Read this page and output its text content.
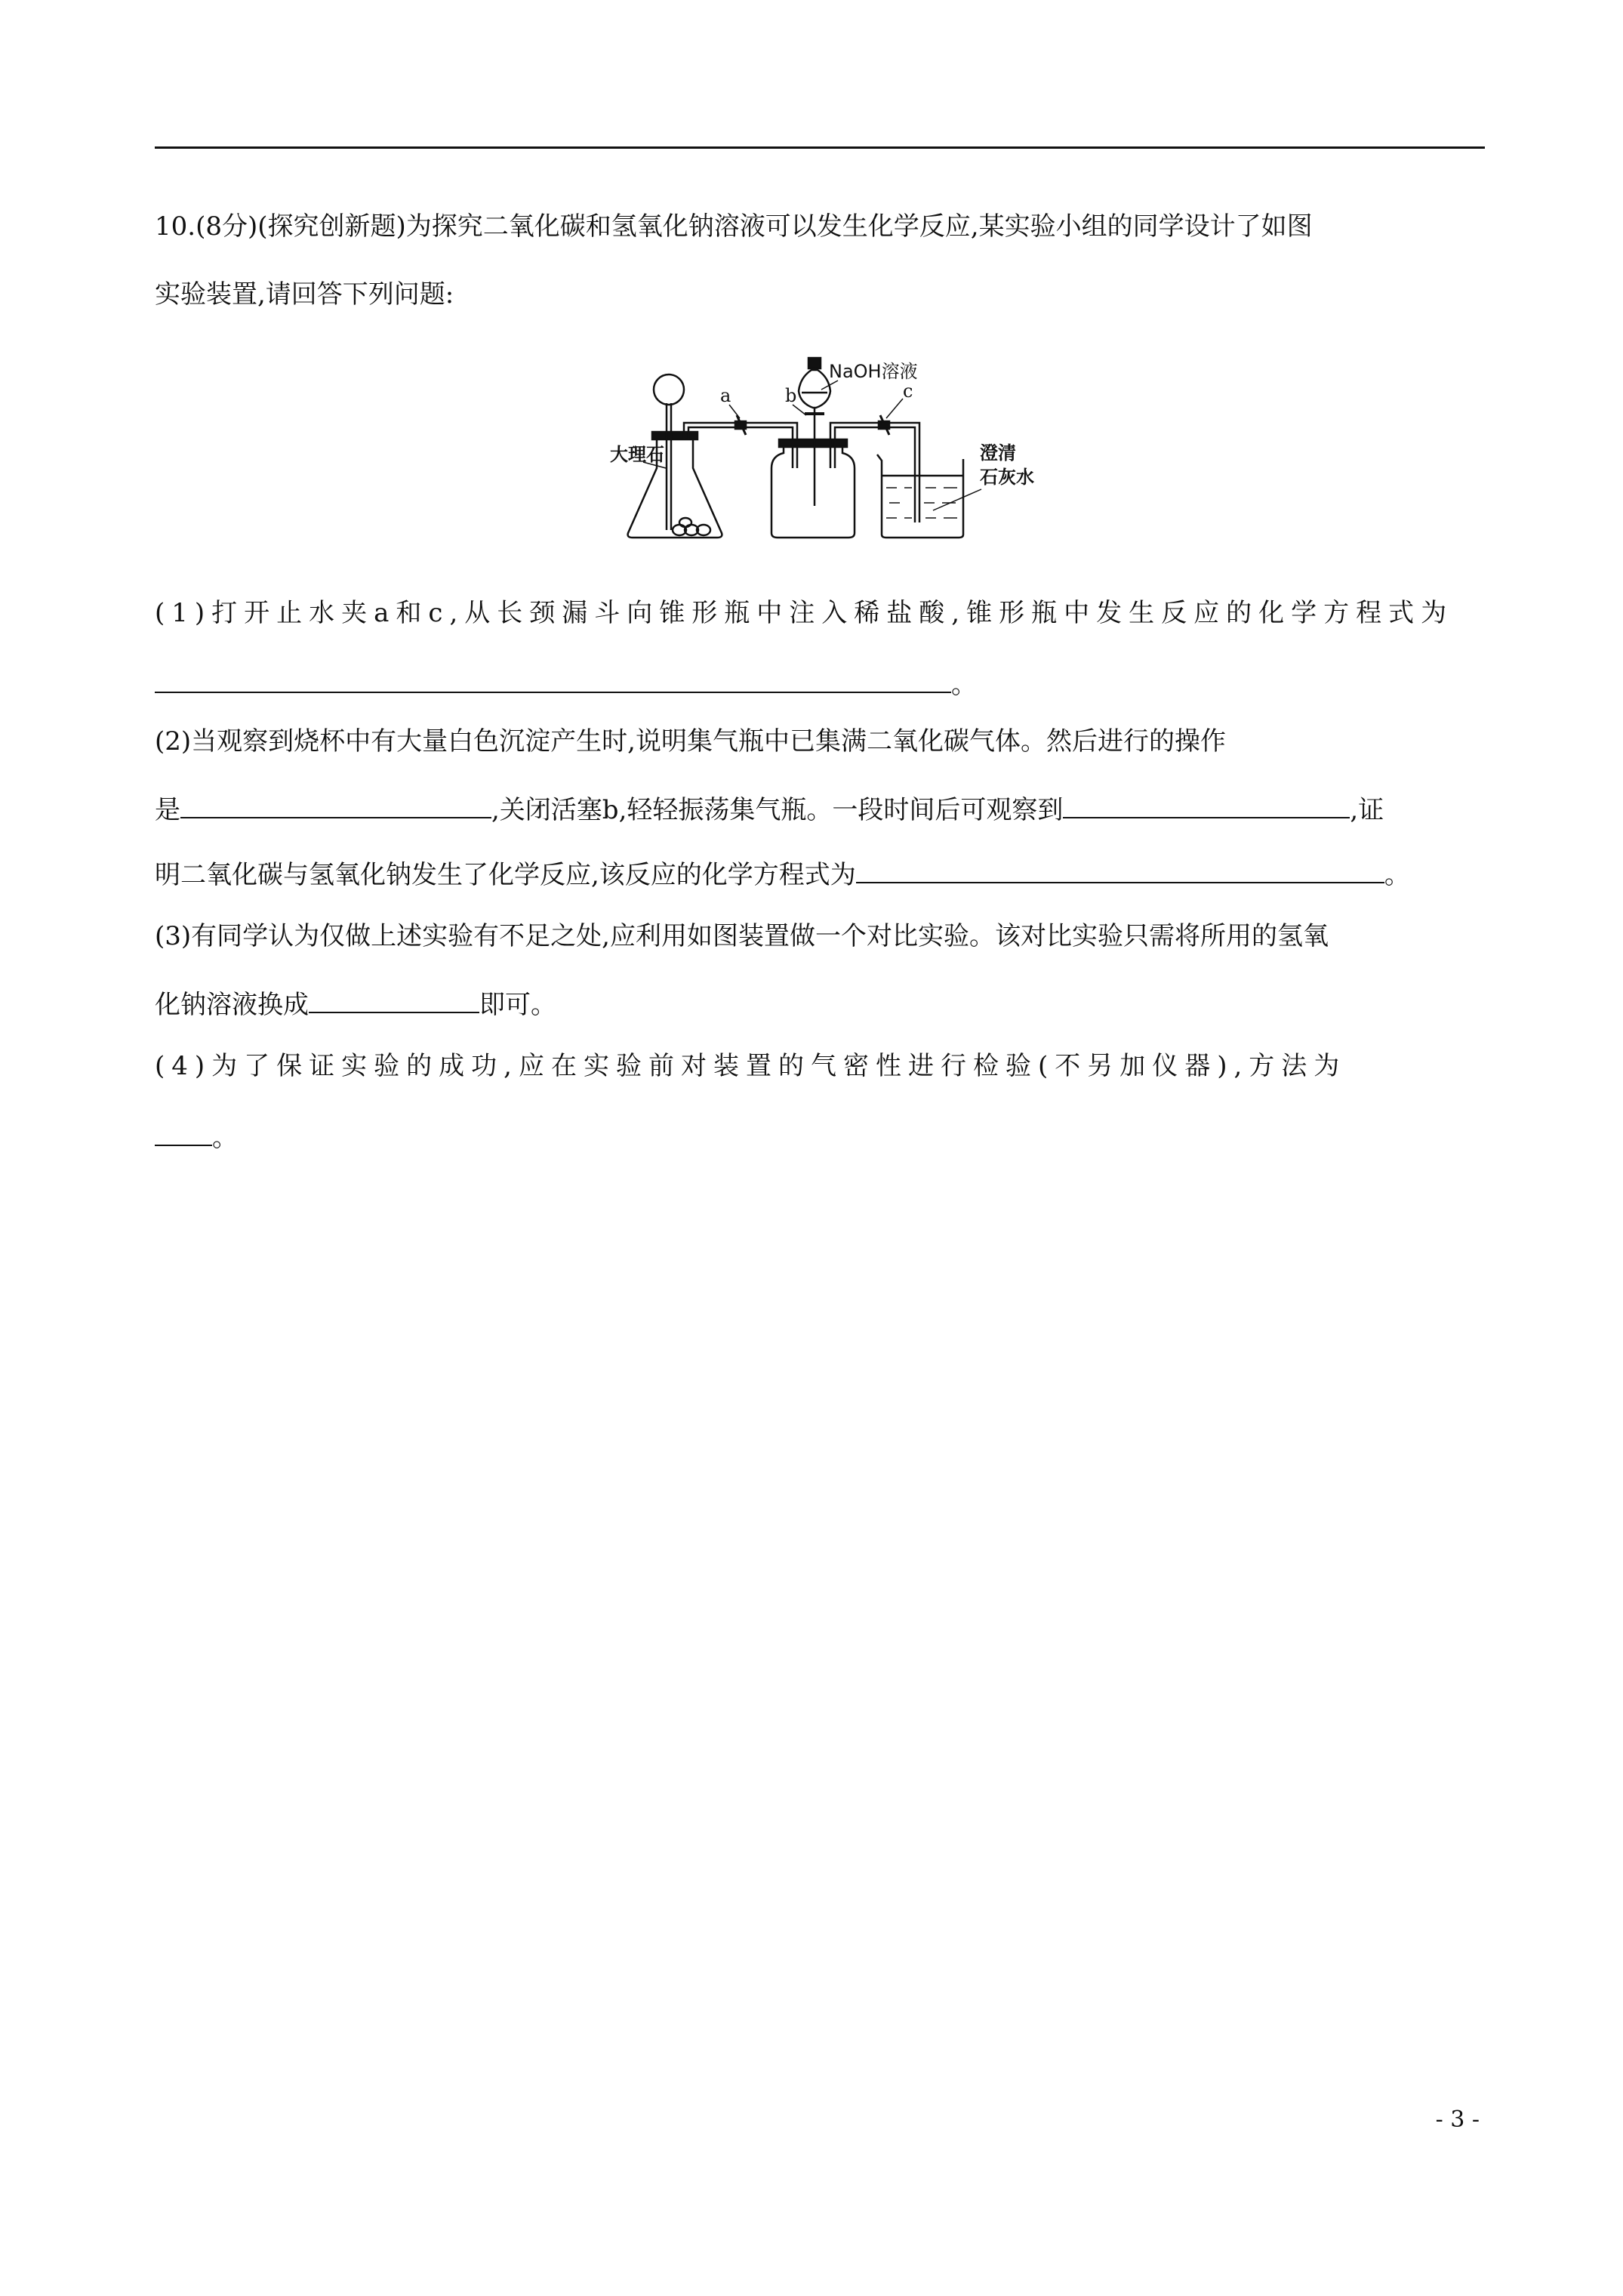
10.(8分)(探究创新题)为探究二氧化碳和氢氧化钠溶液可以发生化学反应,某实验小组的同学设计了如图
实验装置,请回答下列问题:
a	b
NaOH溶液
c
大理石	澄清
石灰水
(1)打开止水夹a和c,从长颈漏斗向锥形瓶中注入稀盐酸,锥形瓶中发生反应的化学方程式为
。
(2)当观察到烧杯中有大量白色沉淀产生时,说明集气瓶中已集满二氧化碳气体。然后进行的操作
是	,关闭活塞b,轻轻振荡集气瓶。一段时间后可观察到	,证
明二氧化碳与氢氧化钠发生了化学反应,该反应的化学方程式为	。
(3)有同学认为仅做上述实验有不足之处,应利用如图装置做一个对比实验。该对比实验只需将所用的氢氧
化钠溶液换成	即可。
(4)为了保证实验的成功,应在实验前对装置的气密性进行检验(不另加仪器),方法为
。
- 3 -
